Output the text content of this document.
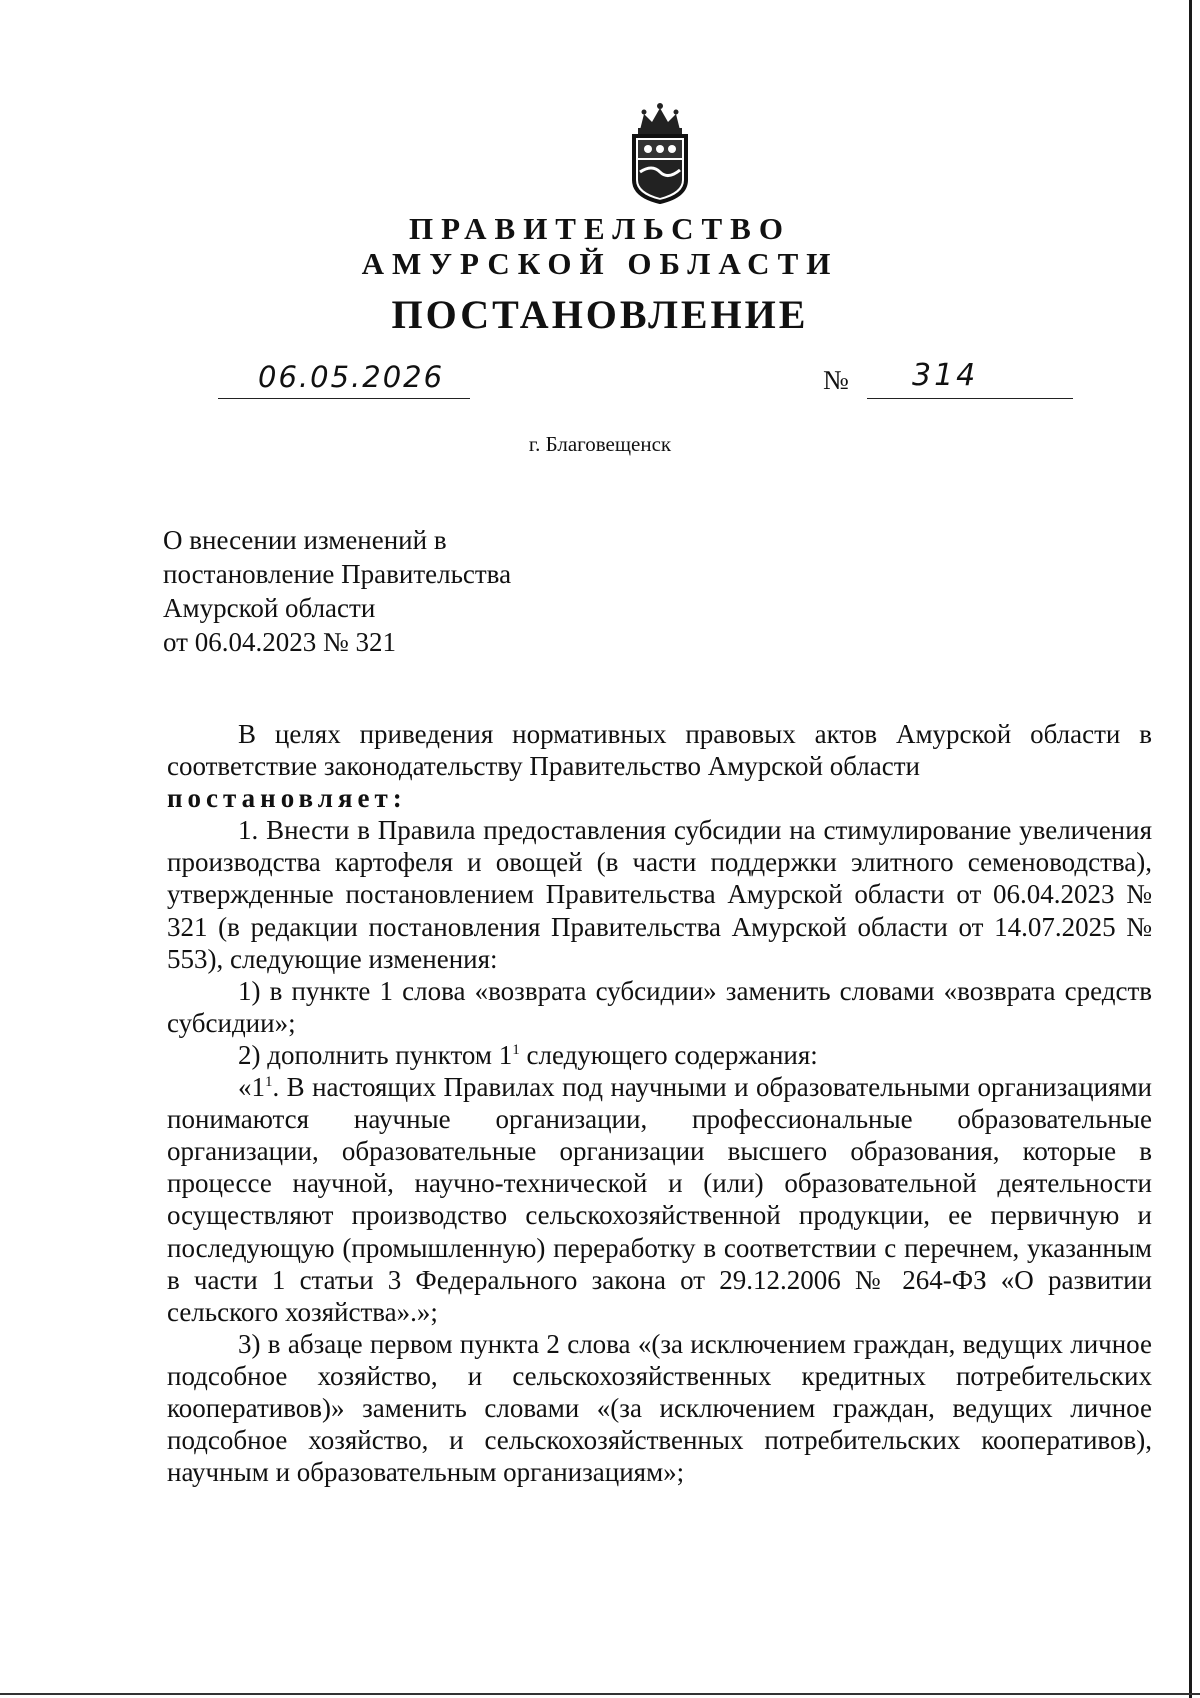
ПРАВИТЕЛЬСТВО
АМУРСКОЙ ОБЛАСТИ
ПОСТАНОВЛЕНИЕ
06.05.2026	№ 314
г. Благовещенск
О внесении изменений в
постановление Правительства
Амурской области
от 06.04.2023 № 321

В целях приведения нормативных правовых актов Амурской области в соответствие законодательству Правительство Амурской области

постановляет:

1. Внести в Правила предоставления субсидии на стимулирование увеличения производства картофеля и овощей (в части поддержки элитного семеноводства), утвержденные постановлением Правительства Амурской области от 06.04.2023 № 321 (в редакции постановления Правительства Амурской области от 14.07.2025 № 553), следующие изменения:

1) в пункте 1 слова «возврата субсидии» заменить словами «возврата средств субсидии»;

2) дополнить пунктом $1^1$ следующего содержания:

«$1^1$. В настоящих Правилах под научными и образовательными организациями понимаются научные организации, профессиональные образовательные организации, образовательные организации высшего образования, которые в процессе научной, научно-технической и (или) образовательной деятельности осуществляют производство сельскохозяйственной продукции, ее первичную и последующую (промышленную) переработку в соответствии с перечнем, указанным в части 1 статьи 3 Федерального закона от 29.12.2006 № 264-ФЗ «О развитии сельского хозяйства».»;

3) в абзаце первом пункта 2 слова «(за исключением граждан, ведущих личное подсобное хозяйство, и сельскохозяйственных кредитных потребительских кооперативов)» заменить словами «(за исключением граждан, ведущих личное подсобное хозяйство, и сельскохозяйственных потребительских кооперативов), научным и образовательным организациям»;
